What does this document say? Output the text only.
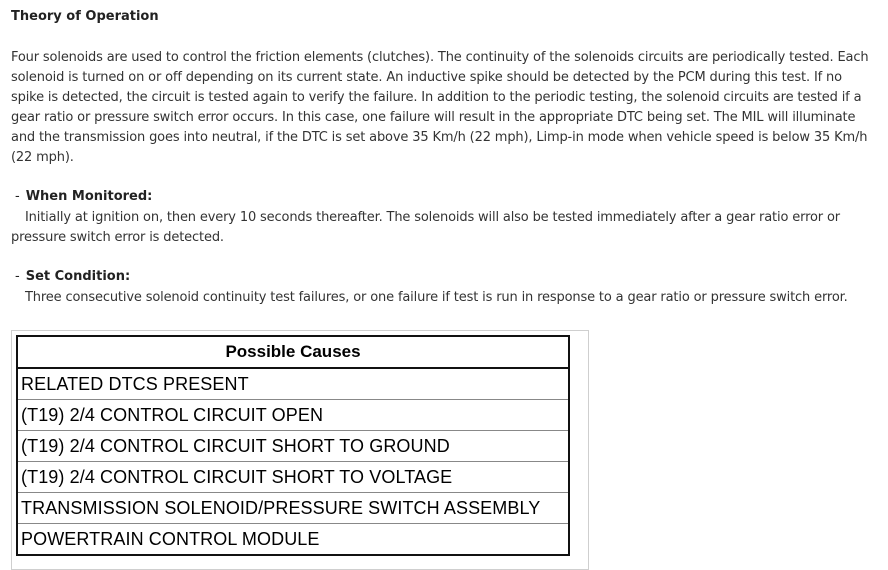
Theory of Operation

Four solenoids are used to control the friction elements (clutches). The continuity of the solenoids circuits are periodically tested. Each solenoid is turned on or off depending on its current state. An inductive spike should be detected by the PCM during this test. If no spike is detected, the circuit is tested again to verify the failure. In addition to the periodic testing, the solenoid circuits are tested if a gear ratio or pressure switch error occurs. In this case, one failure will result in the appropriate DTC being set. The MIL will illuminate and the transmission goes into neutral, if the DTC is set above 35 Km/h (22 mph), Limp-in mode when vehicle speed is below 35 Km/h (22 mph).

- When Monitored:

Initially at ignition on, then every 10 seconds thereafter. The solenoids will also be tested immediately after a gear ratio error or pressure switch error is detected.

- Set Condition:

Three consecutive solenoid continuity test failures, or one failure if test is run in response to a gear ratio or pressure switch error.

Possible Causes
RELATED DTCS PRESENT
(T19) 2/4 CONTROL CIRCUIT OPEN
(T19) 2/4 CONTROL CIRCUIT SHORT TO GROUND
(T19) 2/4 CONTROL CIRCUIT SHORT TO VOLTAGE
TRANSMISSION SOLENOID/PRESSURE SWITCH ASSEMBLY
POWERTRAIN CONTROL MODULE
